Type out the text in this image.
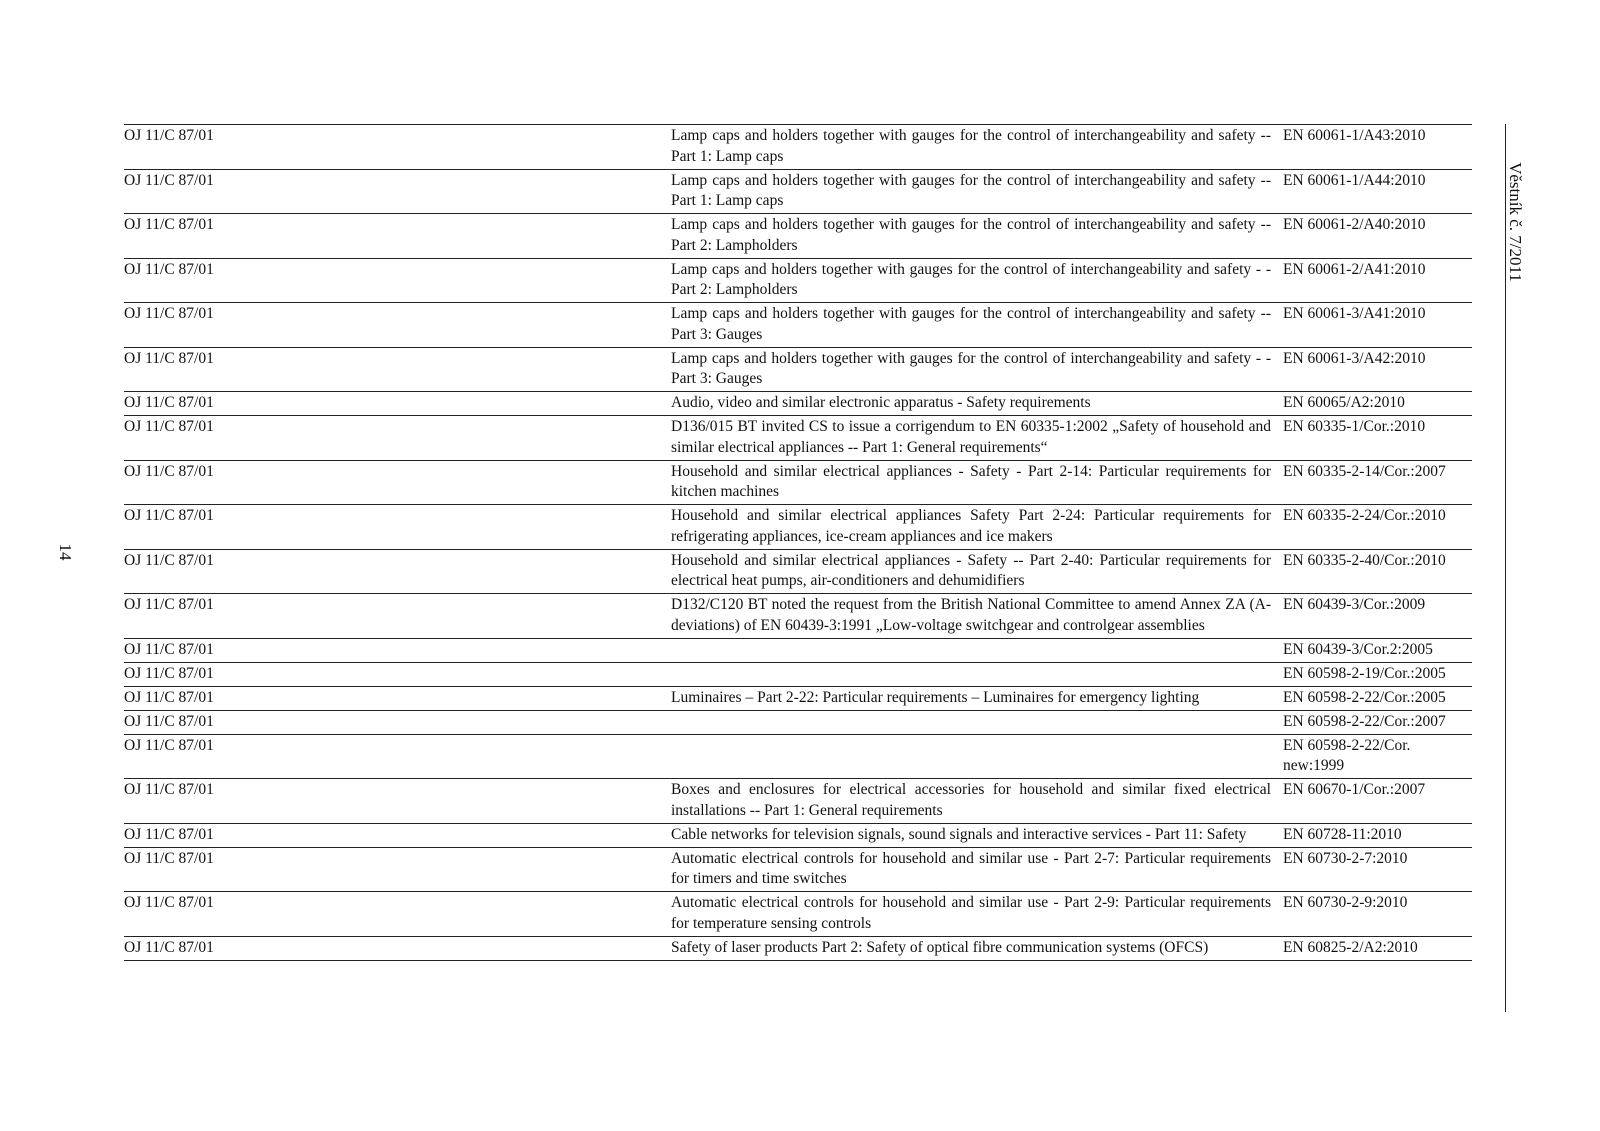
14
OJ 11/C 87/01	Lamp caps and holders together with gauges for the control of interchangeability and safety -- Part 1: Lamp caps	EN 60061-1/A43:2010
OJ 11/C 87/01	Lamp caps and holders together with gauges for the control of interchangeability and safety -- Part 1: Lamp caps	EN 60061-1/A44:2010
OJ 11/C 87/01	Lamp caps and holders together with gauges for the control of interchangeability and safety -- Part 2: Lampholders	EN 60061-2/A40:2010
OJ 11/C 87/01	Lamp caps and holders together with gauges for the control of interchangeability and safety - - Part 2: Lampholders	EN 60061-2/A41:2010
OJ 11/C 87/01	Lamp caps and holders together with gauges for the control of interchangeability and safety -- Part 3: Gauges	EN 60061-3/A41:2010
OJ 11/C 87/01	Lamp caps and holders together with gauges for the control of interchangeability and safety - - Part 3: Gauges	EN 60061-3/A42:2010
OJ 11/C 87/01	Audio, video and similar electronic apparatus - Safety requirements	EN 60065/A2:2010
OJ 11/C 87/01	D136/015 BT invited CS to issue a corrigendum to EN 60335-1:2002 „Safety of household and similar electrical appliances -- Part 1: General requirements“	EN 60335-1/Cor.:2010
OJ 11/C 87/01	Household and similar electrical appliances - Safety - Part 2-14: Particular requirements for kitchen machines	EN 60335-2-14/Cor.:2007
OJ 11/C 87/01	Household and similar electrical appliances Safety Part 2-24: Particular requirements for refrigerating appliances, ice-cream appliances and ice makers	EN 60335-2-24/Cor.:2010
OJ 11/C 87/01	Household and similar electrical appliances - Safety -- Part 2-40: Particular requirements for electrical heat pumps, air-conditioners and dehumidifiers	EN 60335-2-40/Cor.:2010
OJ 11/C 87/01	D132/C120 BT noted the request from the British National Committee to amend Annex ZA (A-deviations) of EN 60439-3:1991 „Low-voltage switchgear and controlgear assemblies	EN 60439-3/Cor.:2009
OJ 11/C 87/01		EN 60439-3/Cor.2:2005
OJ 11/C 87/01		EN 60598-2-19/Cor.:2005
OJ 11/C 87/01	Luminaires – Part 2-22: Particular requirements – Luminaires for emergency lighting	EN 60598-2-22/Cor.:2005
OJ 11/C 87/01		EN 60598-2-22/Cor.:2007
OJ 11/C 87/01		EN 60598-2-22/Cor. new:1999
OJ 11/C 87/01	Boxes and enclosures for electrical accessories for household and similar fixed electrical installations -- Part 1: General requirements	EN 60670-1/Cor.:2007
OJ 11/C 87/01	Cable networks for television signals, sound signals and interactive services - Part 11: Safety	EN 60728-11:2010
OJ 11/C 87/01	Automatic electrical controls for household and similar use - Part 2-7: Particular requirements for timers and time switches	EN 60730-2-7:2010
OJ 11/C 87/01	Automatic electrical controls for household and similar use - Part 2-9: Particular requirements for temperature sensing controls	EN 60730-2-9:2010
OJ 11/C 87/01	Safety of laser products Part 2: Safety of optical fibre communication systems (OFCS)	EN 60825-2/A2:2010
Věstník č. 7/2011
